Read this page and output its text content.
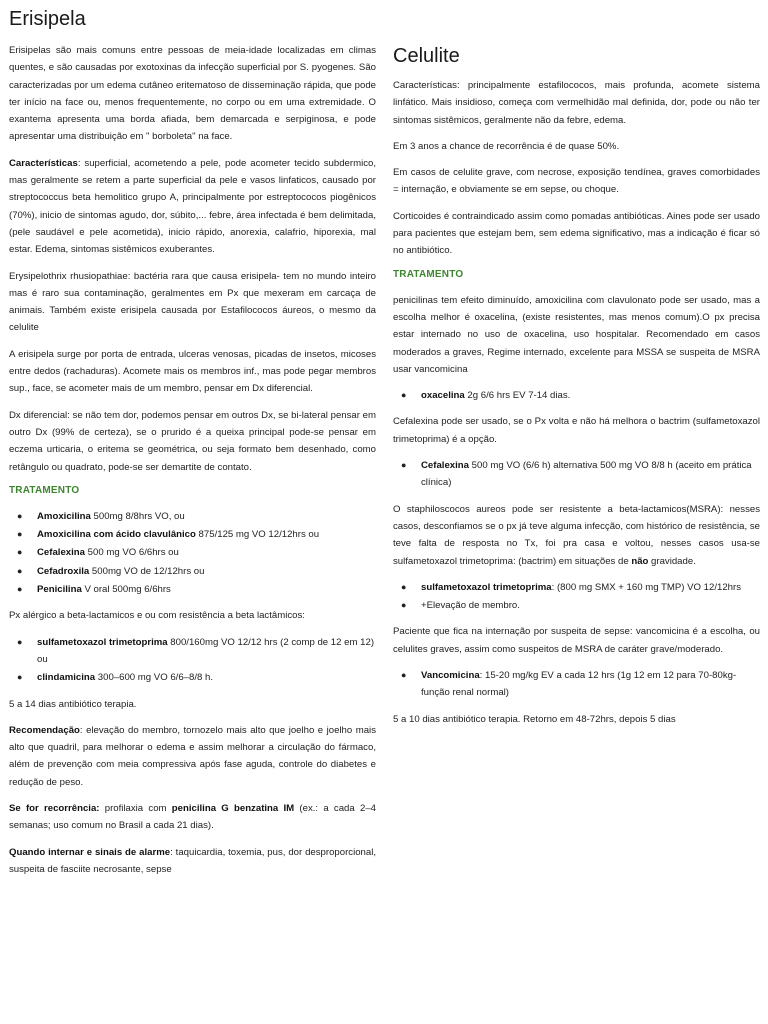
Erisipela

Erisipelas são mais comuns entre pessoas de meia-idade localizadas em climas quentes, e são causadas por exotoxinas da infecção superficial por S. pyogenes. São caracterizadas por um edema cutâneo eritematoso de disseminação rápida, que pode ter início na face ou, menos frequentemente, no corpo ou em uma extremidade. O exantema apresenta uma borda afiada, bem demarcada e serpiginosa, e pode apresentar uma distribuição em " borboleta" na face.

Características: superficial, acometendo a pele, pode acometer tecido subdermico, mas geralmente se retem a parte superficial da pele e vasos linfaticos, causado por streptococcus beta hemolitico grupo A, principalmente por estreptococos piogênicos (70%), inicio de sintomas agudo, dor, súbito,... febre, área infectada é bem delimitada, (pele saudável e pele acometida), inicio rápido, anorexia, calafrio, hiporexia, mal estar. Edema, sintomas sistêmicos exuberantes.

Erysipelothrix rhusiopathiae: bactéria rara que causa erisipela- tem no mundo inteiro mas é raro sua contaminação, geralmentes em Px que mexeram em carcaça de animais. Também existe erisipela causada por Estafilococos áureos, o mesmo da celulite

A erisipela surge por porta de entrada, ulceras venosas, picadas de insetos, micoses entre dedos (rachaduras). Acomete mais os membros inf., mas pode pegar membros sup., face, se acometer mais de um membro, pensar em Dx diferencial.

Dx diferencial: se não tem dor, podemos pensar em outros Dx, se bi-lateral pensar em outro Dx (99% de certeza), se o prurido é a queixa principal pode-se pensar em eczema urticaria, o eritema se geométrica, ou seja formato bem desenhado, como retângulo ou quadrato, pode-se ser demartite de contato.

TRATAMENTO
● Amoxicilina 500mg 8/8hrs VO, ou
● Amoxicilina com ácido clavulânico 875/125 mg VO 12/12hrs ou
● Cefalexina 500 mg VO 6/6hrs ou
● Cefadroxila 500mg VO de 12/12hrs ou
● Penicilina V oral 500mg 6/6hrs

Px alérgico a beta-lactamicos e ou com resistência a beta lactâmicos:

● sulfametoxazol trimetoprima 800/160mg VO 12/12 hrs (2 comp de 12 em 12) ou
● clindamicina 300–600 mg VO 6/6–8/8 h.

5 a 14 dias antibiótico terapia.

Recomendação: elevação do membro, tornozelo mais alto que joelho e joelho mais alto que quadril, para melhorar o edema e assim melhorar a circulação do fármaco, além de prevenção com meia compressiva após fase aguda, controle do diabetes e redução de peso.

Se for recorrência: profilaxia com penicilina G benzatina IM (ex.: a cada 2–4 semanas; uso comum no Brasil a cada 21 dias).

Quando internar e sinais de alarme: taquicardia, toxemia, pus, dor desproporcional, suspeita de fasciite necrosante, sepse

Celulite

Características: principalmente estafilococos, mais profunda, acomete sistema linfático. Mais insidioso, começa com vermelhidão mal definida, dor, pode ou não ter sintomas sistêmicos, geralmente não da febre, edema.

Em 3 anos a chance de recorrência é de quase 50%.

Em casos de celulite grave, com necrose, exposição tendínea, graves comorbidades = internação, e obviamente se em sepse, ou choque.

Corticoides é contraindicado assim como pomadas antibióticas. Aines pode ser usado para pacientes que estejam bem, sem edema significativo, mas a indicação é ficar só no antibiótico.

TRATAMENTO

penicilinas tem efeito diminuído, amoxicilina com clavulonato pode ser usado, mas a escolha melhor é oxacelina, (existe resistentes, mas menos comum).O px precisa estar internado no uso de oxacelina, uso hospitalar. Recomendado em casos moderados a graves, Regime internado, excelente para MSSA se suspeita de MSRA usar vancomicina

● oxacelina 2g 6/6 hrs EV 7-14 dias.

Cefalexina pode ser usado, se o Px volta e não há melhora o bactrim (sulfametoxazol trimetoprima) é a opção.

● Cefalexina 500 mg VO (6/6 h) alternativa 500 mg VO 8/8 h (aceito em prática clínica)

O staphiloscocos aureos pode ser resistente a beta-lactamicos(MSRA): nesses casos, desconfiamos se o px já teve alguma infecção, com histórico de resistência, se teve falta de resposta no Tx, foi pra casa e voltou, nesses casos usa-se sulfametoxazol trimetoprima: (bactrim) em situações de não gravidade.

● sulfametoxazol trimetoprima: (800 mg SMX + 160 mg TMP) VO 12/12hrs
● +Elevação de membro.

Paciente que fica na internação por suspeita de sepse: vancomicina é a escolha, ou celulites graves, assim como suspeitos de MSRA de caráter grave/moderado.

● Vancomicina: 15-20 mg/kg EV a cada 12 hrs (1g 12 em 12 para 70-80kg- função renal normal)

5 a 10 dias antibiótico terapia. Retorno em 48-72hrs, depois 5 dias
